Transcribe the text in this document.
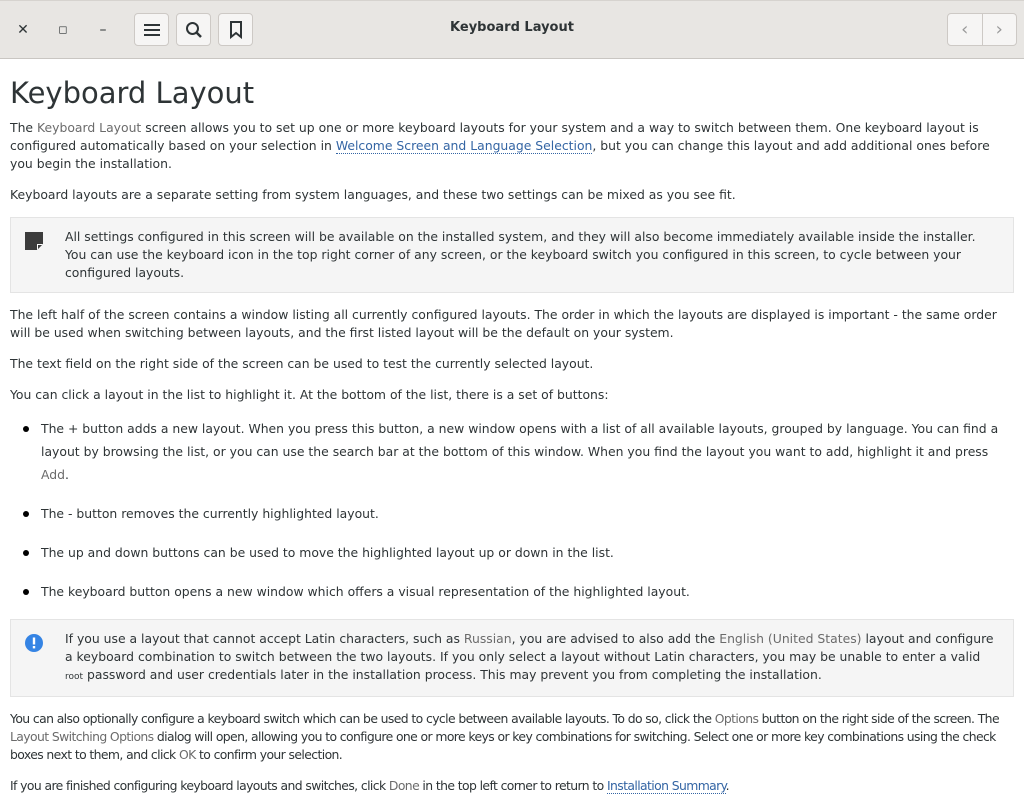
✕	◻	–	Keyboard Layout	‹	›
Keyboard Layout

The Keyboard Layout screen allows you to set up one or more keyboard layouts for your system and a way to switch between them. One keyboard layout is configured automatically based on your selection in Welcome Screen and Language Selection, but you can change this layout and add additional ones before you begin the installation.

Keyboard layouts are a separate setting from system languages, and these two settings can be mixed as you see fit.

All settings configured in this screen will be available on the installed system, and they will also become immediately available inside the installer. You can use the keyboard icon in the top right corner of any screen, or the keyboard switch you configured in this screen, to cycle between your configured layouts.

The left half of the screen contains a window listing all currently configured layouts. The order in which the layouts are displayed is important - the same order will be used when switching between layouts, and the first listed layout will be the default on your system.

The text field on the right side of the screen can be used to test the currently selected layout.

You can click a layout in the list to highlight it. At the bottom of the list, there is a set of buttons:

The + button adds a new layout. When you press this button, a new window opens with a list of all available layouts, grouped by language. You can find a layout by browsing the list, or you can use the search bar at the bottom of this window. When you find the layout you want to add, highlight it and press Add.
The - button removes the currently highlighted layout.
The up and down buttons can be used to move the highlighted layout up or down in the list.
The keyboard button opens a new window which offers a visual representation of the highlighted layout.
If you use a layout that cannot accept Latin characters, such as Russian, you are advised to also add the English (United States) layout and configure a keyboard combination to switch between the two layouts. If you only select a layout without Latin characters, you may be unable to enter a valid root password and user credentials later in the installation process. This may prevent you from completing the installation.

You can also optionally configure a keyboard switch which can be used to cycle between available layouts. To do so, click the Options button on the right side of the screen. The Layout Switching Options dialog will open, allowing you to configure one or more keys or key combinations for switching. Select one or more key combinations using the check boxes next to them, and click OK to confirm your selection.

If you are finished configuring keyboard layouts and switches, click Done in the top left corner to return to Installation Summary.
